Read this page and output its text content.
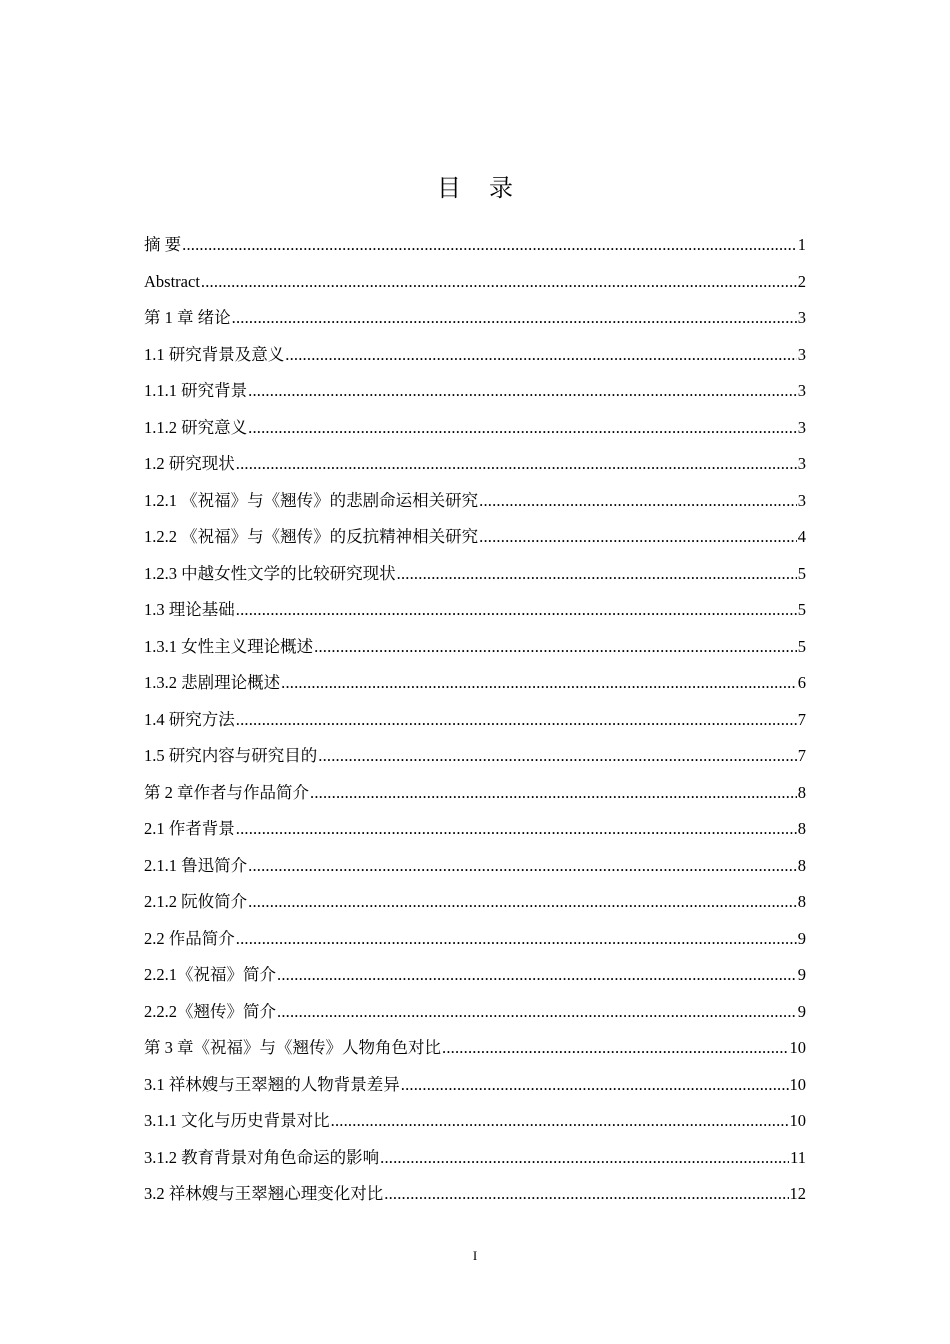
目录
摘 要 .....	1
Abstract .....	2
第 1 章 绪论 .....	3
1.1 研究背景及意义 .....	3
1.1.1 研究背景 .....	3
1.1.2 研究意义 .....	3
1.2 研究现状 .....	3
1.2.1 《祝福》与《翘传》的悲剧命运相关研究 .....	3
1.2.2 《祝福》与《翘传》的反抗精神相关研究 .....	4
1.2.3 中越女性文学的比较研究现状 .....	5
1.3 理论基础 .....	5
1.3.1 女性主义理论概述 .....	5
1.3.2 悲剧理论概述 .....	6
1.4 研究方法 .....	7
1.5 研究内容与研究目的 .....	7
第 2 章作者与作品简介 .....	8
2.1 作者背景 .....	8
2.1.1 鲁迅简介 .....	8
2.1.2 阮攸简介 .....	8
2.2 作品简介 .....	9
2.2.1《祝福》简介 .....	9
2.2.2《翘传》简介 .....	9
第 3 章《祝福》与《翘传》人物角色对比 .....	10
3.1 祥林嫂与王翠翘的人物背景差异 .....	10
3.1.1 文化与历史背景对比 .....	10
3.1.2 教育背景对角色命运的影响 .....	11
3.2 祥林嫂与王翠翘心理变化对比 .....	12
I
